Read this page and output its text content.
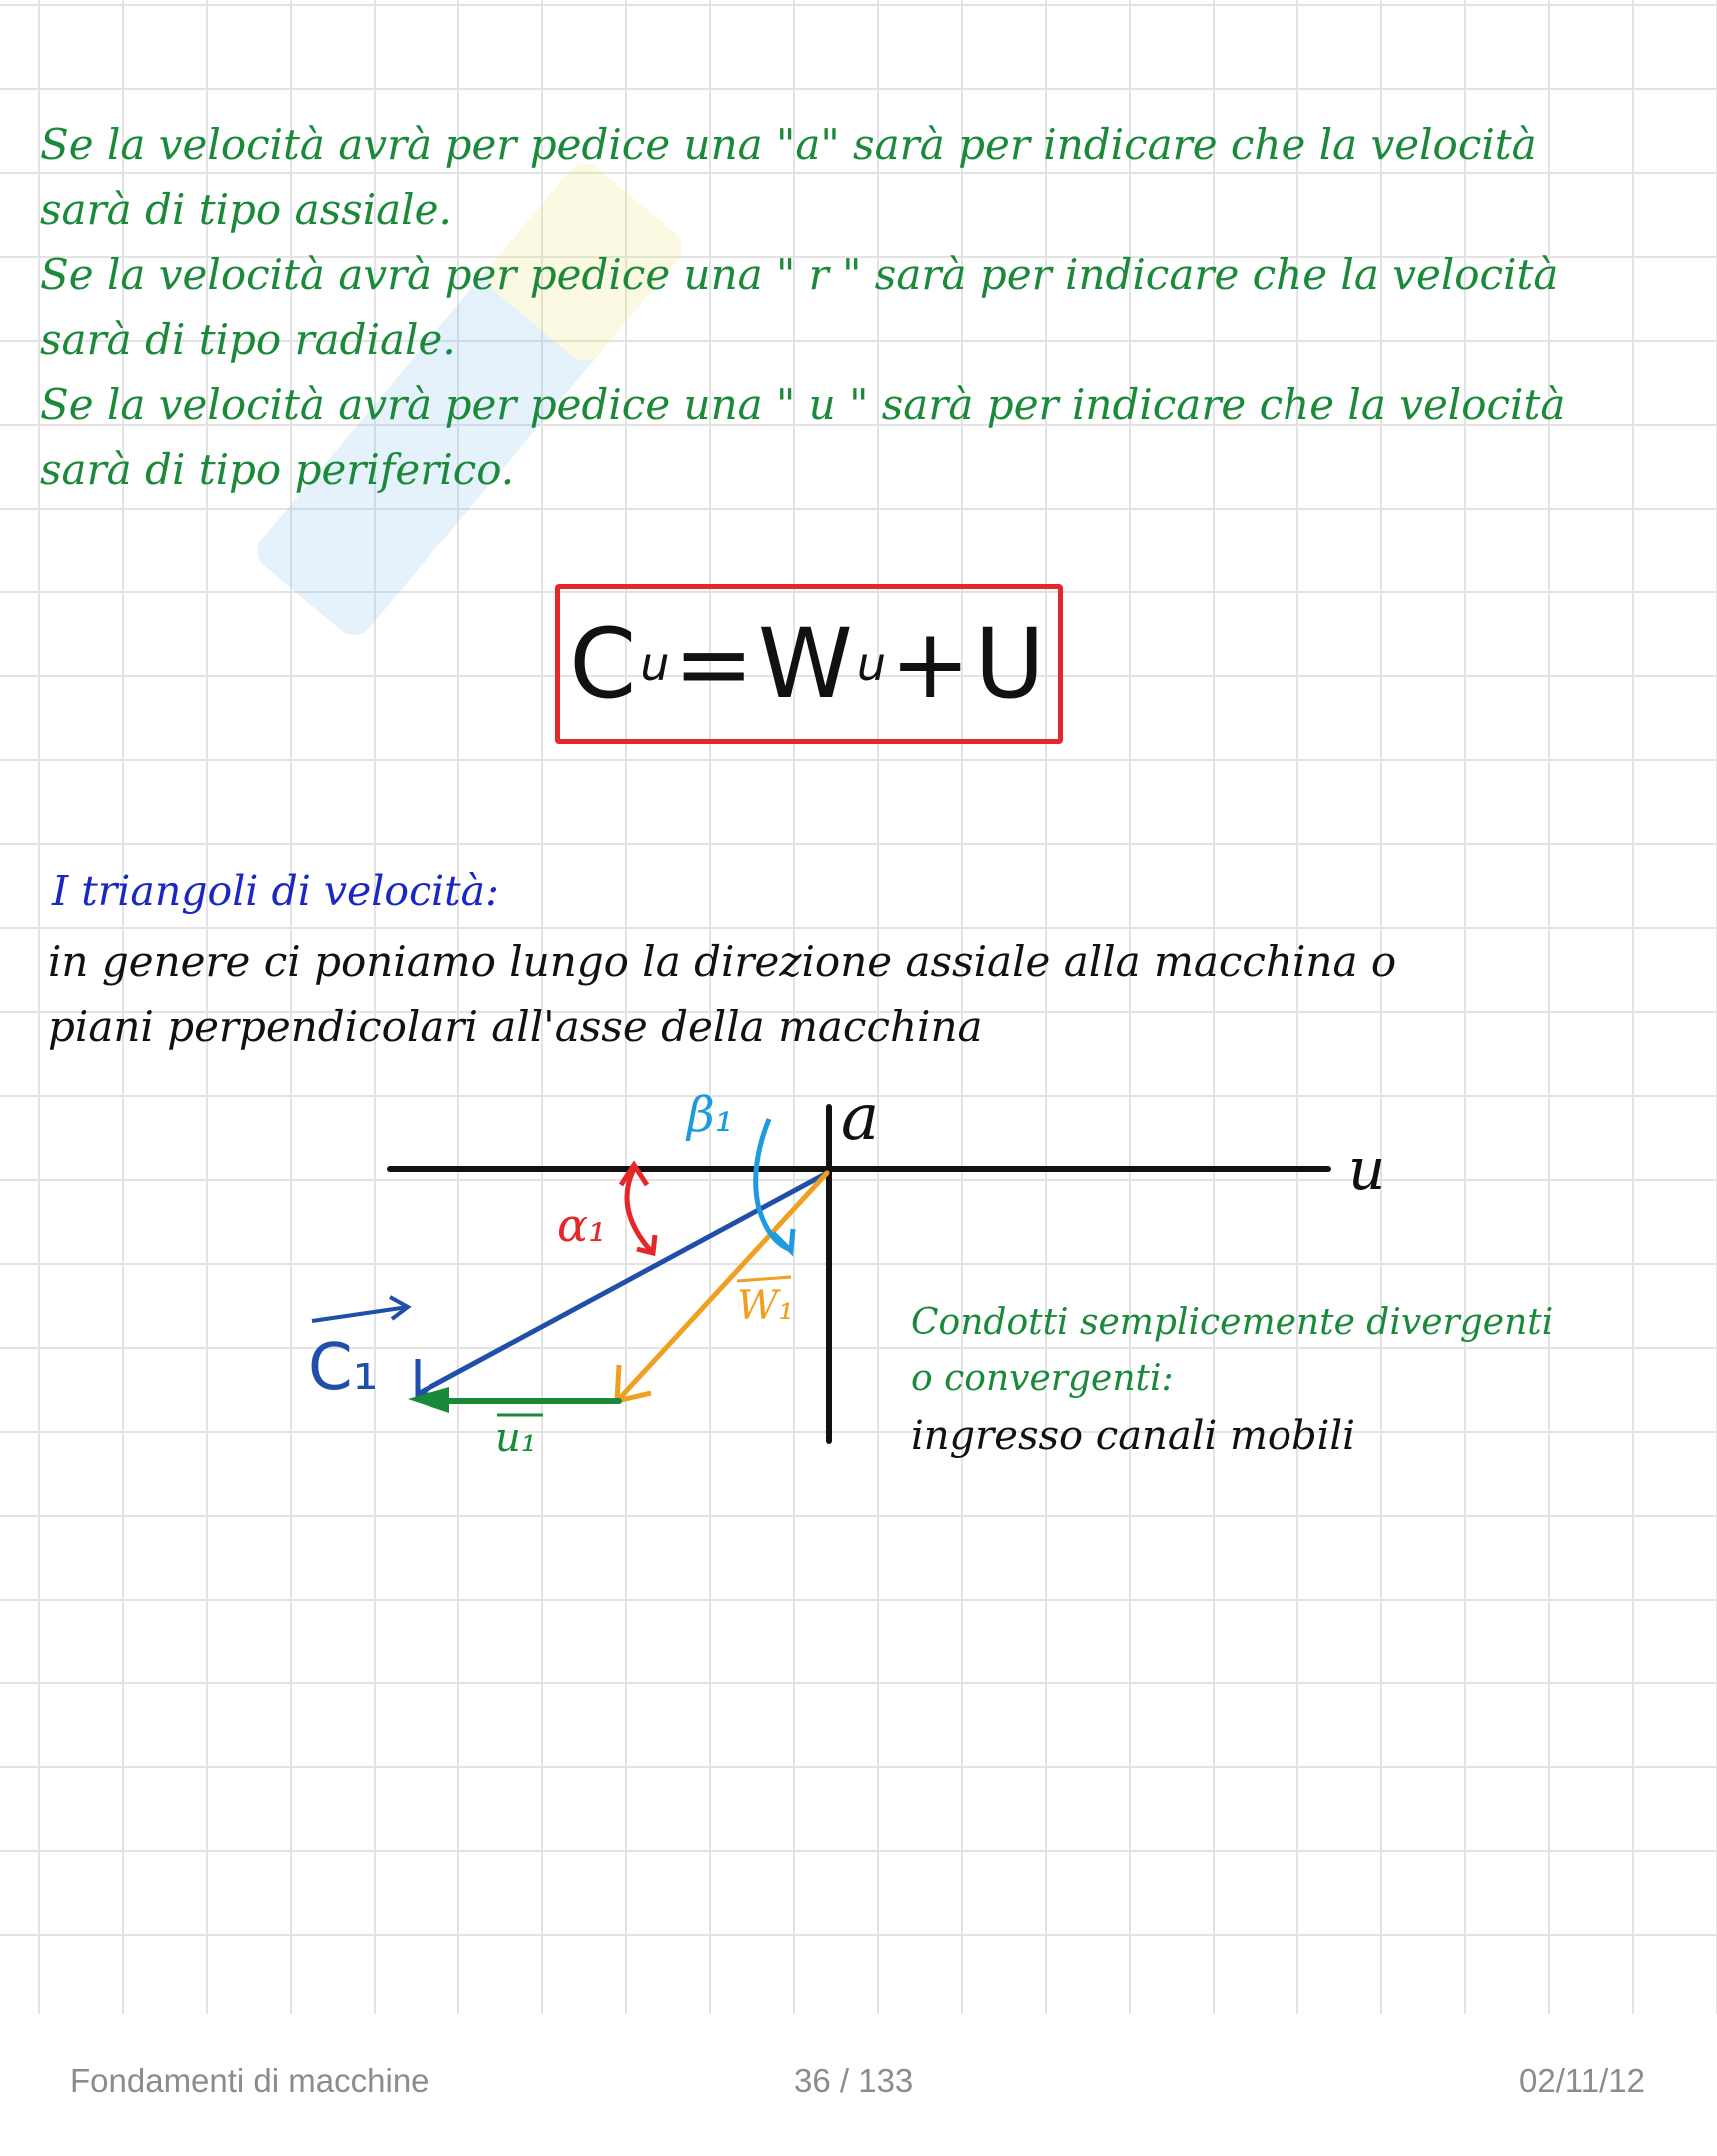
Se la velocità avrà per pedice una "a" sarà per indicare che la velocità
sarà di tipo assiale.
Se la velocità avrà per pedice una " r " sarà per indicare che la velocità
sarà di tipo radiale.
Se la velocità avrà per pedice una " u " sarà per indicare che la velocità
sarà di tipo periferico.
C u = W u + U
I triangoli di velocità:
in genere ci poniamo lungo la direzione assiale alla macchina o
piani perpendicolari all'asse della macchina
a
u
α₁
β₁
C₁
W₁
u₁
Condotti semplicemente divergenti
o convergenti:
ingresso canali mobili
Fondamenti di macchine	36 / 133	02/11/12
